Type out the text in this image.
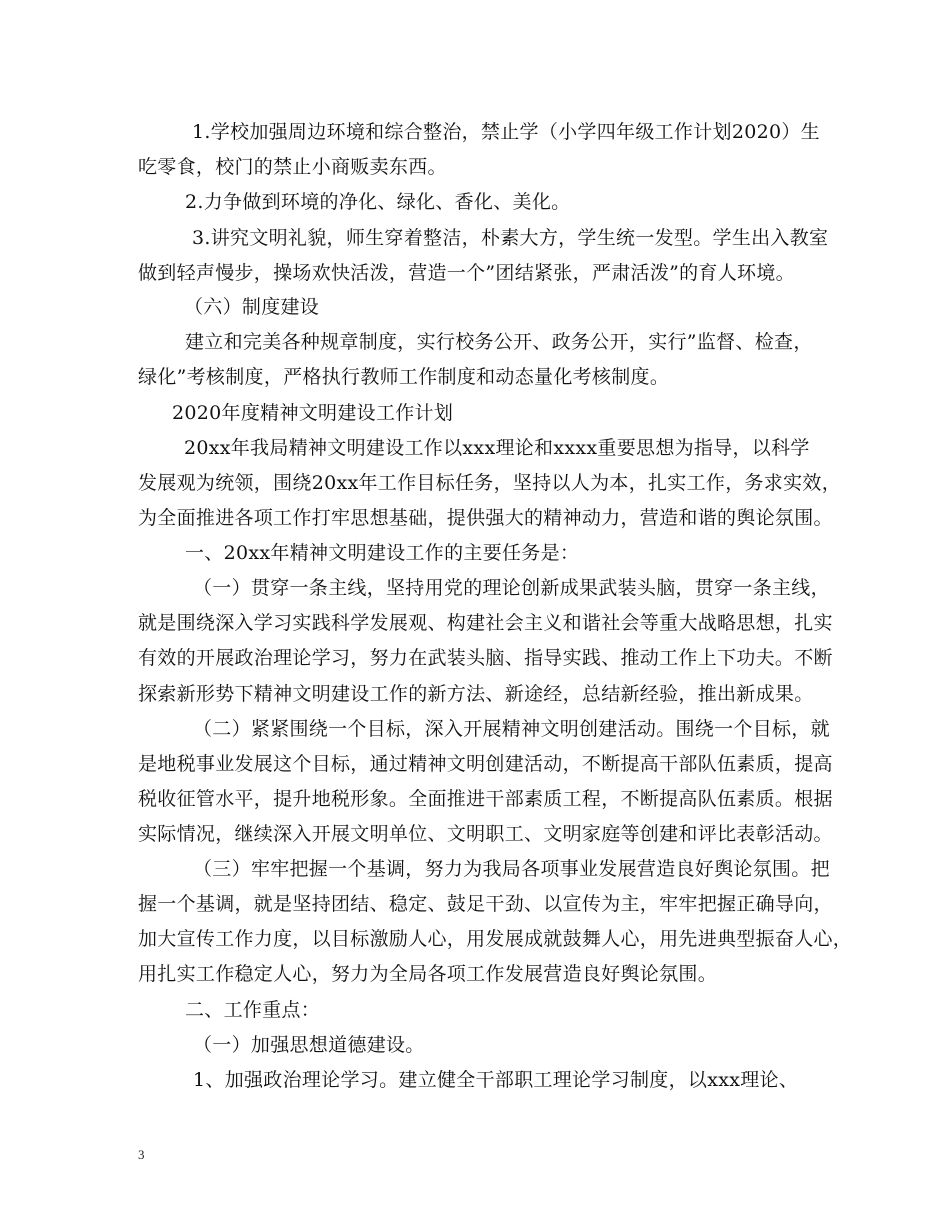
1.学校加强周边环境和综合整治，禁止学（小学四年级工作计划2020）生
吃零食，校门的禁止小商贩卖东西。
2.力争做到环境的净化、绿化、香化、美化。
3.讲究文明礼貌，师生穿着整洁，朴素大方，学生统一发型。学生出入教室
做到轻声慢步，操场欢快活泼，营造一个”团结紧张，严肃活泼”的育人环境。
（六）制度建设
建立和完美各种规章制度，实行校务公开、政务公开，实行”监督、检查，
绿化”考核制度，严格执行教师工作制度和动态量化考核制度。
2020年度精神文明建设工作计划
20xx年我局精神文明建设工作以xxx理论和xxxx重要思想为指导，以科学
发展观为统领，围绕20xx年工作目标任务，坚持以人为本，扎实工作，务求实效，
为全面推进各项工作打牢思想基础，提供强大的精神动力，营造和谐的舆论氛围。
一、20xx年精神文明建设工作的主要任务是：
（一）贯穿一条主线，坚持用党的理论创新成果武装头脑，贯穿一条主线，
就是围绕深入学习实践科学发展观、构建社会主义和谐社会等重大战略思想，扎实
有效的开展政治理论学习，努力在武装头脑、指导实践、推动工作上下功夫。不断
探索新形势下精神文明建设工作的新方法、新途经，总结新经验，推出新成果。
（二）紧紧围绕一个目标，深入开展精神文明创建活动。围绕一个目标，就
是地税事业发展这个目标，通过精神文明创建活动，不断提高干部队伍素质，提高
税收征管水平，提升地税形象。全面推进干部素质工程，不断提高队伍素质。根据
实际情况，继续深入开展文明单位、文明职工、文明家庭等创建和评比表彰活动。
（三）牢牢把握一个基调，努力为我局各项事业发展营造良好舆论氛围。把
握一个基调，就是坚持团结、稳定、鼓足干劲、以宣传为主，牢牢把握正确导向，
加大宣传工作力度，以目标激励人心，用发展成就鼓舞人心，用先进典型振奋人心，
用扎实工作稳定人心，努力为全局各项工作发展营造良好舆论氛围。
二、工作重点：
（一）加强思想道德建设。
1、加强政治理论学习。建立健全干部职工理论学习制度，以xxx理论、
3
